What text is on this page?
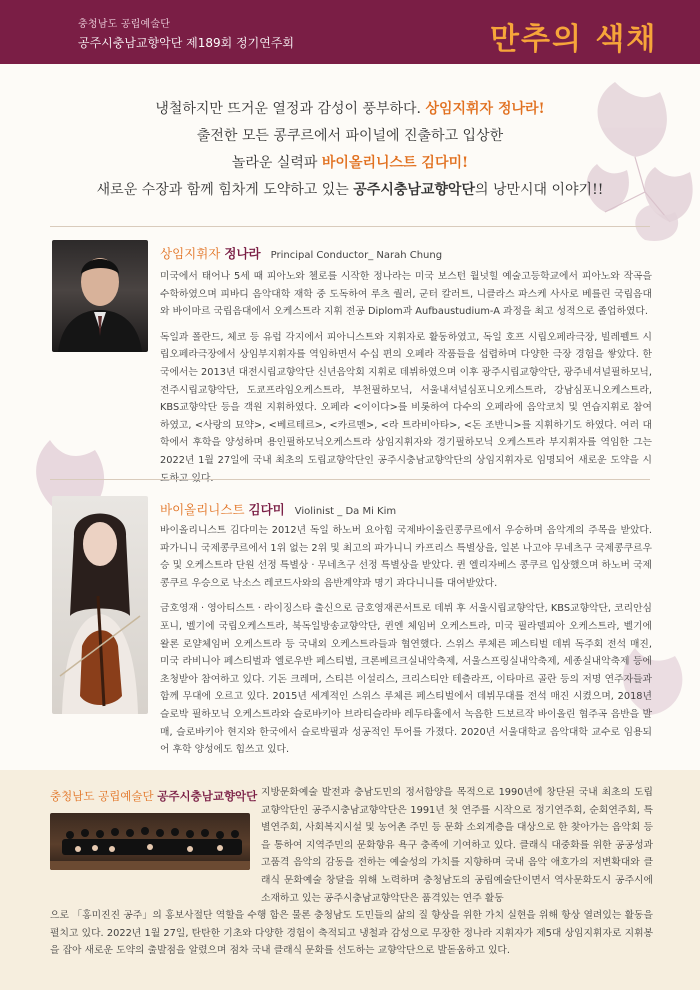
충청남도 공립예술단
공주시충남교향악단 제189회 정기연주회	만추의 색채
냉철하지만 뜨거운 열정과 감성이 풍부하다. 상임지휘자 정나라!
출전한 모든 콩쿠르에서 파이널에 진출하고 입상한
놀라운 실력파 바이올리니스트 김다미!
새로운 수장과 함께 힘차게 도약하고 있는 공주시충남교향악단의 낭만시대 이야기!!
상임지휘자 정나라 Principal Conductor_ Narah Chung

미국에서 태어나 5세 때 피아노와 첼로를 시작한 정나라는 미국 보스턴 월넛힐 예술고등학교에서 피아노와 작곡을 수학하였으며 피바디 음악대학 재학 중 도독하여 루츠 퀄러, 군터 칼러트, 니클라스 파스케 사사로 베를린 국립음대와 바이마르 국립음대에서 오케스트라 지휘 전공 Diplom과 Aufbaustudium-A 과정을 최고 성적으로 졸업하였다.

독일과 폴란드, 체코 등 유럽 각지에서 피아니스트와 지휘자로 활동하였고, 독일 호프 시립오페라극장, 빌레펠트 시립오페라극장에서 상임부지휘자를 역임하면서 수십 편의 오페라 작품들을 섭렵하며 다양한 극장 경험을 쌓았다. 한국에서는 2013년 대전시립교향악단 신년음악회 지휘로 데뷔하였으며 이후 광주시립교향악단, 광주네셔널필하모닉, 전주시립교향악단, 도쿄프라임오케스트라, 부천필하모닉, 서울내셔널심포니오케스트라, 강남심포니오케스트라, KBS교향악단 등을 객원 지휘하였다. 오페라 <이이다>를 비롯하여 다수의 오페라에 음악코치 및 연습지휘로 참여하였고, <사랑의 묘약>, <베르테르>, <카르멘>, <라 트라비아타>, <돈 조반니>를 지휘하기도 하였다. 여러 대학에서 후학을 양성하며 용인필하모닉오케스트라 상임지휘자와 경기필하모닉 오케스트라 부지휘자를 역임한 그는 2022년 1월 27일에 국내 최초의 도립교향악단인 공주시충남교향악단의 상임지휘자로 임명되어 새로운 도약을 시도하고 있다.

바이올리니스트 김다미 Violinist _ Da Mi Kim

바이올리니스트 김다미는 2012년 독일 하노버 요아힘 국제바이올린콩쿠르에서 우승하며 음악계의 주목을 받았다. 파가니니 국제콩쿠르에서 1위 없는 2위 및 최고의 파가니니 카프리스 특별상을, 일본 나고야 무네츠구 국제콩쿠르우승 및 오케스트라 단원 선정 특별상 · 무네츠구 선정 특별상을 받았다. 퀸 엘리자베스 콩쿠르 입상했으며 하노버 국제 콩쿠르 우승으로 낙소스 레코드사와의 음반계약과 명기 과다니니를 대여받았다.

금호영재 · 영아티스트 · 라이징스타 출신으로 금호영재콘서트로 데뷔 후 서울시립교향악단, KBS교향악단, 코리안심포니, 벨기에 국립오케스트라, 북독일방송교향악단, 퀸엔 체임버 오케스트라, 미국 필라델피아 오케스트라, 벨기에 왈론 로얄체임버 오케스트라 등 국내외 오케스트라들과 협연했다. 스위스 루체른 페스티벌 데뷔 독주회 전석 매진, 미국 라비니아 페스티벌과 엘로우반 페스티벌, 크론베르크실내악축제, 서울스프링실내악축제, 세종실내악축제 등에 초청받아 참여하고 있다. 기돈 크레머, 스티븐 이설리스, 크리스티안 테츨라프, 이타마르 골란 등의 저명 연주자들과 함께 무대에 오르고 있다. 2015년 세계적인 스위스 루체른 페스티벌에서 데뷔무대를 전석 매진 시켰으며, 2018년 슬로박 필하모닉 오케스트라와 슬로바키아 브라티슬라바 레두타홀에서 녹음한 드보르작 바이올린 협주곡 음반을 발매, 슬로바키아 현지와 한국에서 슬로박필과 성공적인 투어를 가졌다. 2020년 서울대학교 음악대학 교수로 임용되어 후학 양성에도 힘쓰고 있다.

충청남도 공립예술단 공주시충남교향악단 지방문화예술 발전과 충남도민의 정서함양을 목적으로 1990년에 창단된 국내 최초의 도립교향악단인 공주시충남교향악단은 1991년 첫 연주를 시작으로 정기연주회, 순회연주회, 특별연주회, 사회복지시설 및 농어촌 주민 등 문화 소외계층을 대상으로 한 찾아가는 음악회 등을 통하여 지역주민의 문화향유 욕구 충족에 기여하고 있다. 클래식 대중화를 위한 공공성과 고품격 음악의 감동을 전하는 예술성의 가치를 지향하며 국내 음악 애호가의 저변확대와 클래식 문화예술 창달을 위해 노력하며 충청남도의 공립예술단이면서 역사문화도시 공주시에 소재하고 있는 공주시충남교향악단은 품격있는 연주 활동
으로 「홍미진진 공주」의 홍보사절단 역할을 수행 함은 물론 충청남도 도민들의 삶의 질 향상을 위한 가치 실현을 위해 항상 열려있는 활동을 펼치고 있다. 2022년 1월 27일, 탄탄한 기초와 다양한 경험이 축적되고 냉철과 감성으로 무장한 정나라 지휘자가 제5대 상임지휘자로 지휘봉을 잡아 새로운 도약의 출발점을 알렸으며 점차 국내 클래식 문화를 선도하는 교향악단으로 발돋움하고 있다.
